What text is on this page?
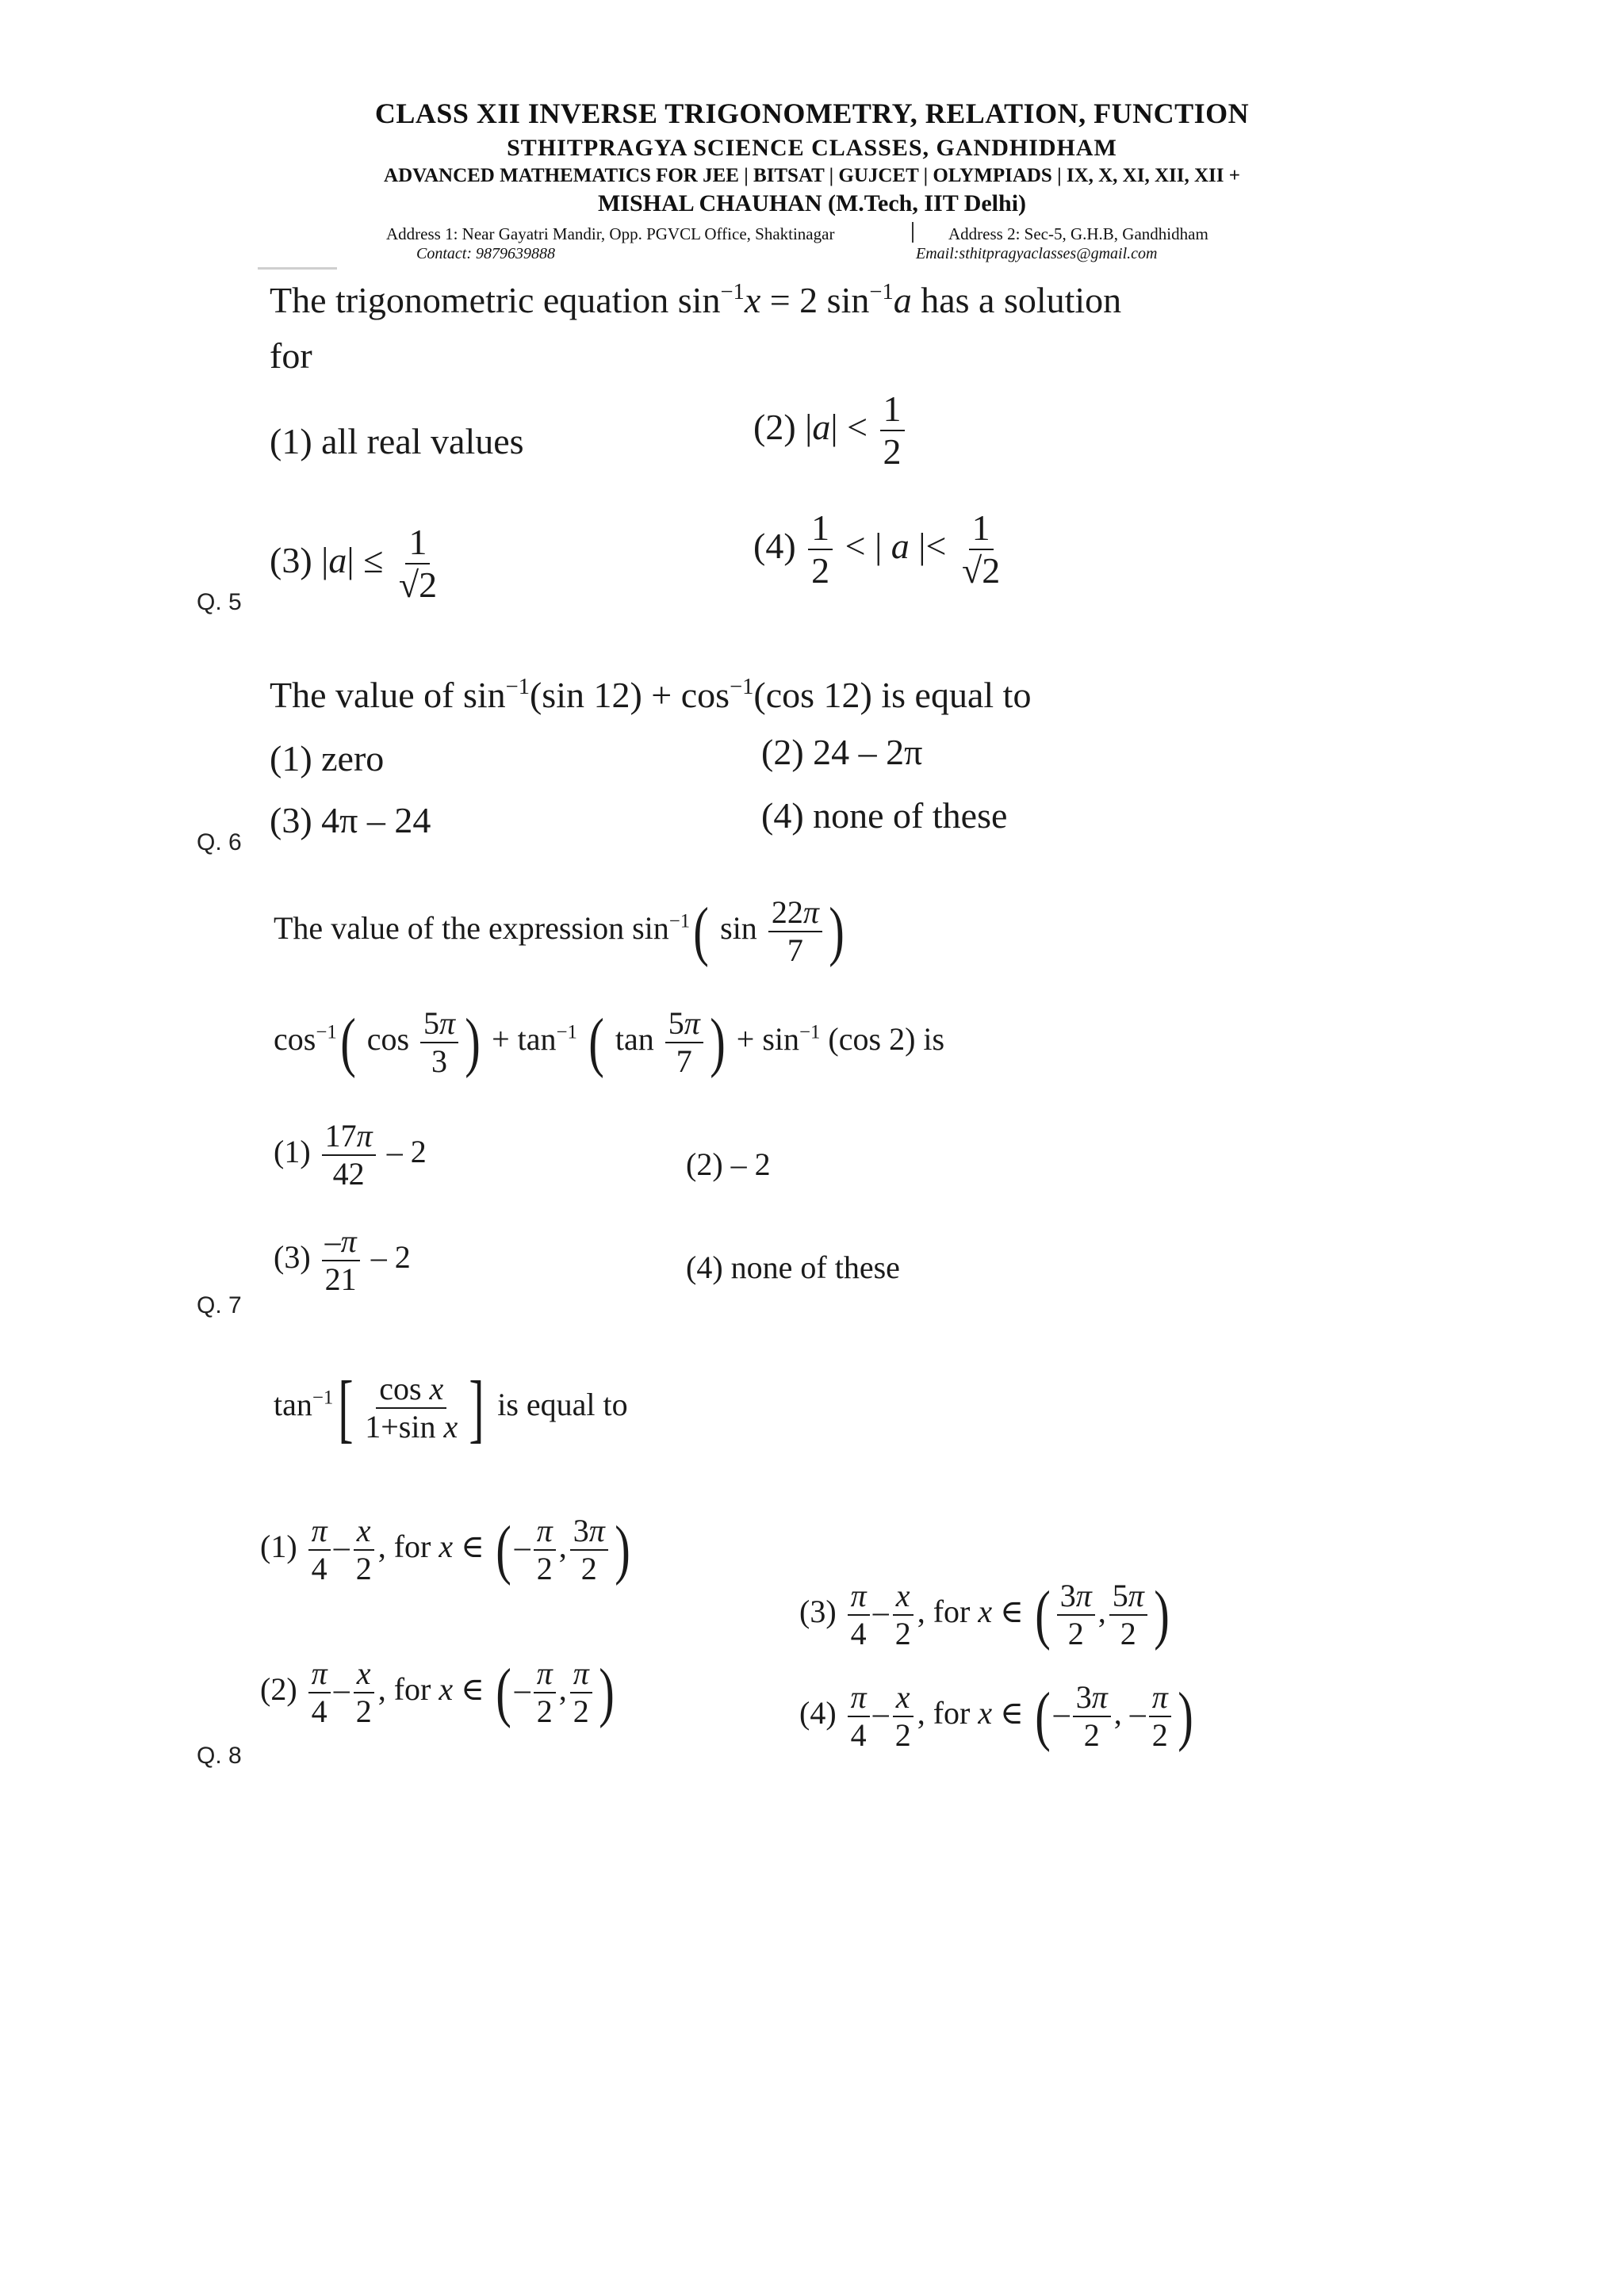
CLASS XII INVERSE TRIGONOMETRY, RELATION, FUNCTION
STHITPRAGYA SCIENCE CLASSES, GANDHIDHAM
ADVANCED MATHEMATICS FOR JEE | BITSAT | GUJCET | OLYMPIADS | IX, X, XI, XII, XII +
MISHAL CHAUHAN (M.Tech, IIT Delhi)
Address 1: Near Gayatri Mandir, Opp. PGVCL Office, Shaktinagar	Address 2: Sec-5, G.H.B, Gandhidham
Contact: 9879639888	Email:sthitpragyaclasses@gmail.com
The trigonometric equation $\sin^{-1}x = 2$ $\sin^{-1}a$ has a solution
for
(1) all real values	(2) $|a| < \frac{1}{2}$
(3) $|a| \le \frac{1}{√2}$	$(4) \frac{1}{2}$ < | a |< $\frac{1}{√2}$
Q. 5
The value of $\sin^{-1}(\sin$ $12) + \cos^{-1}(\cos$ 12) is equal to
(1) zero	(2) 24 – 2π
(3) 4π – 24	(4) none of these
Q. 6
The value of the expression $\sin^{-1}$( $\sin \frac{22\pi}{7}$ )
$\cos^{-1}$( $\cos \frac{5\pi}{3}$ ) + $\tan^{-1}$ ( $\tan \frac{5\pi}{7}$ ) + $\sin^{-1} (\cos$ 2) is
$(1) \frac{17\pi}{42} - 2$	(2) – 2
$(3) \frac{-\pi}{21} - 2$	(4) none of these
Q. 7
$\tan^{-1}[ \frac{\text{cos x}}{\text{1+sin x}}$ ] is equal to
$(1) \frac{\pi}{4} - \frac{x}{2}$ , for x ∈ ( – $\frac{\pi}{2}$ , $\frac{3\pi}{2}$ )
$(2) \frac{\pi}{4} - \frac{x}{2}$ , for x ∈ ( – $\frac{\pi}{2}$ , $\frac{\pi}{2}$ )
$(3) \frac{\pi}{4} - \frac{x}{2}$ , for x ∈ ( $\frac{3\pi}{2}$ , $\frac{5\pi}{2}$ )
$(4) \frac{\pi}{4} - \frac{x}{2}$ , for x ∈ ( – $\frac{3\pi}{2}$ , – $\frac{\pi}{2}$ )
Q. 8
